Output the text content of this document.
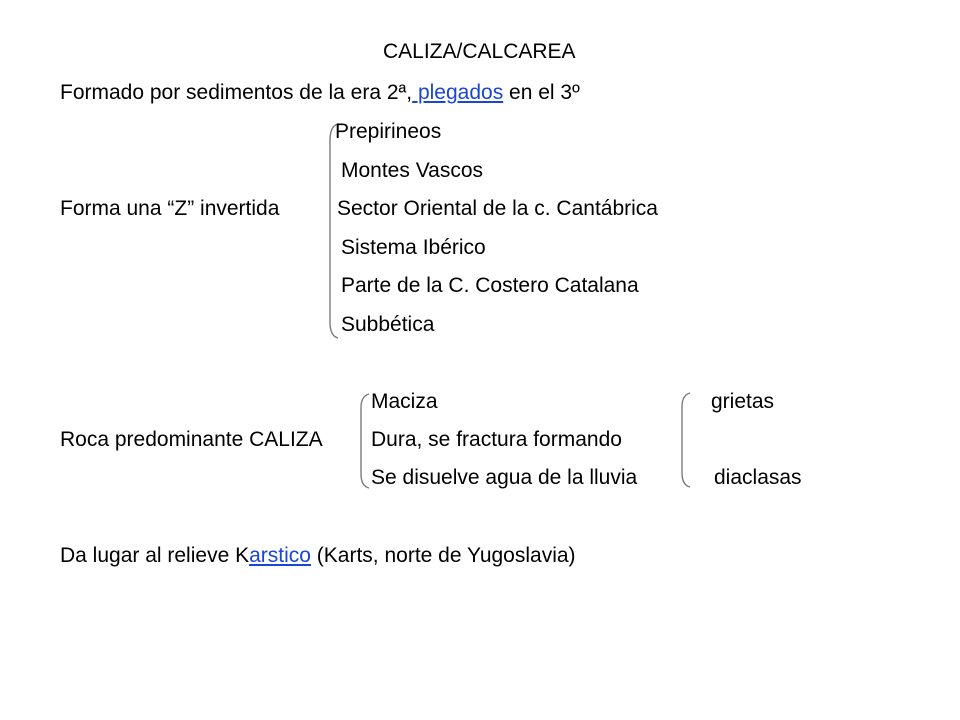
CALIZA/CALCAREA
Formado por sedimentos de la era 2ª, plegados en el 3º
Prepirineos
Montes Vascos
Forma una “Z” invertida	Sector Oriental de la c. Cantábrica
Sistema Ibérico
Parte de la C. Costero Catalana
Subbética
Maciza
Roca predominante CALIZA Dura, se fractura formando
Se disuelve agua de la lluvia
grietas
diaclasas
Da lugar al relieve Karstico (Karts, norte de Yugoslavia)
